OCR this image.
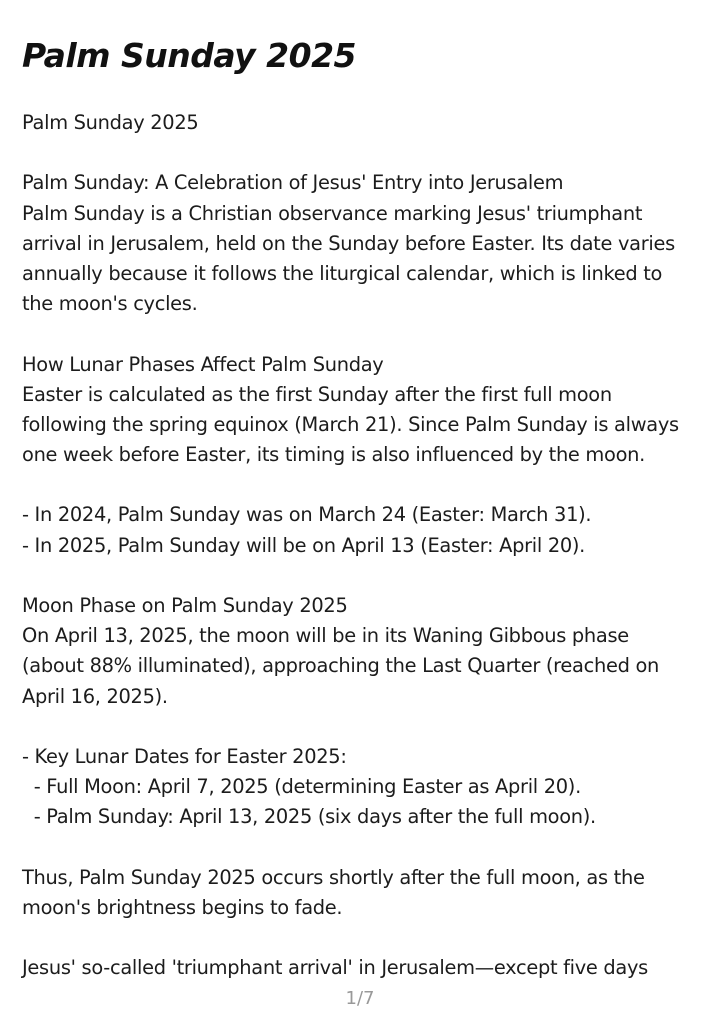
Palm Sunday 2025
Palm Sunday 2025
Palm Sunday: A Celebration of Jesus' Entry into Jerusalem
Palm Sunday is a Christian observance marking Jesus' triumphant
arrival in Jerusalem, held on the Sunday before Easter. Its date varies
annually because it follows the liturgical calendar, which is linked to
the moon's cycles.
How Lunar Phases Affect Palm Sunday
Easter is calculated as the first Sunday after the first full moon
following the spring equinox (March 21). Since Palm Sunday is always
one week before Easter, its timing is also influenced by the moon.
- In 2024, Palm Sunday was on March 24 (Easter: March 31).
- In 2025, Palm Sunday will be on April 13 (Easter: April 20).
Moon Phase on Palm Sunday 2025
On April 13, 2025, the moon will be in its Waning Gibbous phase
(about 88% illuminated), approaching the Last Quarter (reached on
April 16, 2025).
- Key Lunar Dates for Easter 2025:
- Full Moon: April 7, 2025 (determining Easter as April 20).
- Palm Sunday: April 13, 2025 (six days after the full moon).
Thus, Palm Sunday 2025 occurs shortly after the full moon, as the
moon's brightness begins to fade.
Jesus' so-called 'triumphant arrival' in Jerusalem—except five days
1/7
